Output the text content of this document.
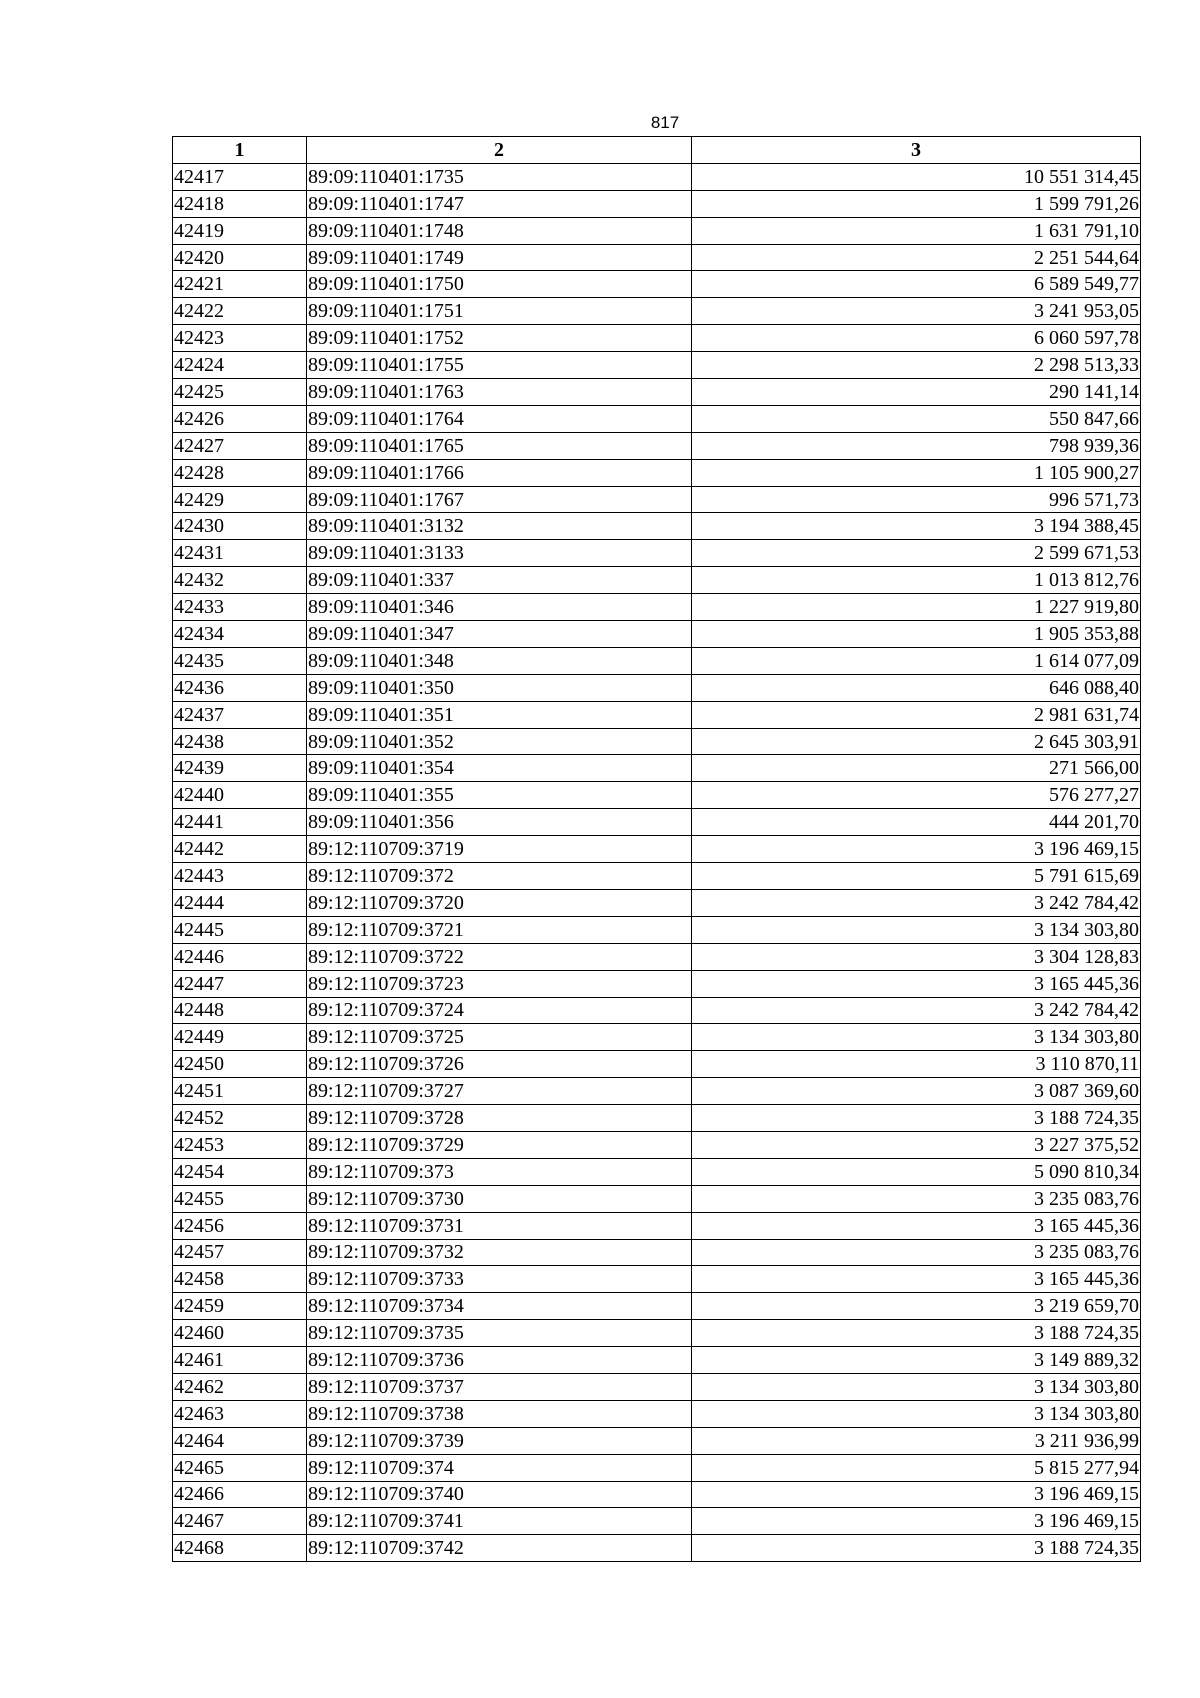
817
1	2	3
42417	89:09:110401:1735	10 551 314,45
42418	89:09:110401:1747	1 599 791,26
42419	89:09:110401:1748	1 631 791,10
42420	89:09:110401:1749	2 251 544,64
42421	89:09:110401:1750	6 589 549,77
42422	89:09:110401:1751	3 241 953,05
42423	89:09:110401:1752	6 060 597,78
42424	89:09:110401:1755	2 298 513,33
42425	89:09:110401:1763	290 141,14
42426	89:09:110401:1764	550 847,66
42427	89:09:110401:1765	798 939,36
42428	89:09:110401:1766	1 105 900,27
42429	89:09:110401:1767	996 571,73
42430	89:09:110401:3132	3 194 388,45
42431	89:09:110401:3133	2 599 671,53
42432	89:09:110401:337	1 013 812,76
42433	89:09:110401:346	1 227 919,80
42434	89:09:110401:347	1 905 353,88
42435	89:09:110401:348	1 614 077,09
42436	89:09:110401:350	646 088,40
42437	89:09:110401:351	2 981 631,74
42438	89:09:110401:352	2 645 303,91
42439	89:09:110401:354	271 566,00
42440	89:09:110401:355	576 277,27
42441	89:09:110401:356	444 201,70
42442	89:12:110709:3719	3 196 469,15
42443	89:12:110709:372	5 791 615,69
42444	89:12:110709:3720	3 242 784,42
42445	89:12:110709:3721	3 134 303,80
42446	89:12:110709:3722	3 304 128,83
42447	89:12:110709:3723	3 165 445,36
42448	89:12:110709:3724	3 242 784,42
42449	89:12:110709:3725	3 134 303,80
42450	89:12:110709:3726	3 110 870,11
42451	89:12:110709:3727	3 087 369,60
42452	89:12:110709:3728	3 188 724,35
42453	89:12:110709:3729	3 227 375,52
42454	89:12:110709:373	5 090 810,34
42455	89:12:110709:3730	3 235 083,76
42456	89:12:110709:3731	3 165 445,36
42457	89:12:110709:3732	3 235 083,76
42458	89:12:110709:3733	3 165 445,36
42459	89:12:110709:3734	3 219 659,70
42460	89:12:110709:3735	3 188 724,35
42461	89:12:110709:3736	3 149 889,32
42462	89:12:110709:3737	3 134 303,80
42463	89:12:110709:3738	3 134 303,80
42464	89:12:110709:3739	3 211 936,99
42465	89:12:110709:374	5 815 277,94
42466	89:12:110709:3740	3 196 469,15
42467	89:12:110709:3741	3 196 469,15
42468	89:12:110709:3742	3 188 724,35
